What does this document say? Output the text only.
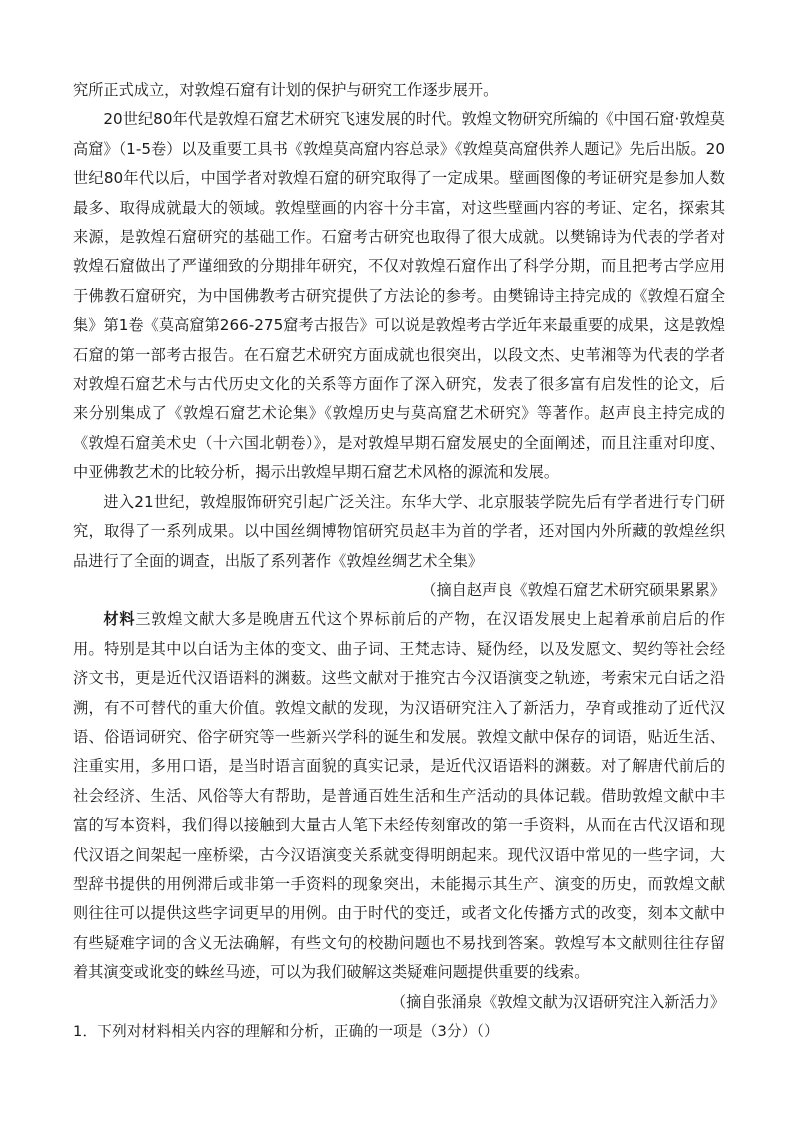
究所正式成立，对敦煌石窟有计划的保护与研究工作逐步展开。

20世纪80年代是敦煌石窟艺术研究飞速发展的时代。敦煌文物研究所编的《中国石窟·敦煌莫高窟》（1-5卷）以及重要工具书《敦煌莫高窟内容总录》《敦煌莫高窟供养人题记》先后出版。20世纪80年代以后，中国学者对敦煌石窟的研究取得了一定成果。壁画图像的考证研究是参加人数最多、取得成就最大的领域。敦煌壁画的内容十分丰富，对这些壁画内容的考证、定名，探索其来源，是敦煌石窟研究的基础工作。石窟考古研究也取得了很大成就。以樊锦诗为代表的学者对敦煌石窟做出了严谨细致的分期排年研究，不仅对敦煌石窟作出了科学分期，而且把考古学应用于佛教石窟研究，为中国佛教考古研究提供了方法论的参考。由樊锦诗主持完成的《敦煌石窟全集》第1卷《莫高窟第266-275窟考古报告》可以说是敦煌考古学近年来最重要的成果，这是敦煌石窟的第一部考古报告。在石窟艺术研究方面成就也很突出，以段文杰、史苇湘等为代表的学者对敦煌石窟艺术与古代历史文化的关系等方面作了深入研究，发表了很多富有启发性的论文，后来分别集成了《敦煌石窟艺术论集》《敦煌历史与莫高窟艺术研究》等著作。赵声良主持完成的《敦煌石窟美术史（十六国北朝卷）》，是对敦煌早期石窟发展史的全面阐述，而且注重对印度、中亚佛教艺术的比较分析，揭示出敦煌早期石窟艺术风格的源流和发展。

进入21世纪，敦煌服饰研究引起广泛关注。东华大学、北京服装学院先后有学者进行专门研究，取得了一系列成果。以中国丝绸博物馆研究员赵丰为首的学者，还对国内外所藏的敦煌丝织品进行了全面的调查，出版了系列著作《敦煌丝绸艺术全集》

（摘自赵声良《敦煌石窟艺术研究硕果累累》

材料三敦煌文献大多是晚唐五代这个界标前后的产物，在汉语发展史上起着承前启后的作用。特别是其中以白话为主体的变文、曲子词、王梵志诗、疑伪经，以及发愿文、契约等社会经济文书，更是近代汉语语料的渊薮。这些文献对于推究古今汉语演变之轨迹，考索宋元白话之沿溯，有不可替代的重大价值。敦煌文献的发现，为汉语研究注入了新活力，孕育或推动了近代汉语、俗语词研究、俗字研究等一些新兴学科的诞生和发展。敦煌文献中保存的词语，贴近生活、注重实用，多用口语，是当时语言面貌的真实记录，是近代汉语语料的渊薮。对了解唐代前后的社会经济、生活、风俗等大有帮助，是普通百姓生活和生产活动的具体记载。借助敦煌文献中丰富的写本资料，我们得以接触到大量古人笔下未经传刻窜改的第一手资料，从而在古代汉语和现代汉语之间架起一座桥梁，古今汉语演变关系就变得明朗起来。现代汉语中常见的一些字词，大型辞书提供的用例滞后或非第一手资料的现象突出，未能揭示其生产、演变的历史，而敦煌文献则往往可以提供这些字词更早的用例。由于时代的变迁，或者文化传播方式的改变，刻本文献中有些疑难字词的含义无法确解，有些文句的校勘问题也不易找到答案。敦煌写本文献则往往存留着其演变或讹变的蛛丝马迹，可以为我们破解这类疑难问题提供重要的线索。

（摘自张涌泉《敦煌文献为汉语研究注入新活力》

1．下列对材料相关内容的理解和分析，正确的一项是（3分）（）
